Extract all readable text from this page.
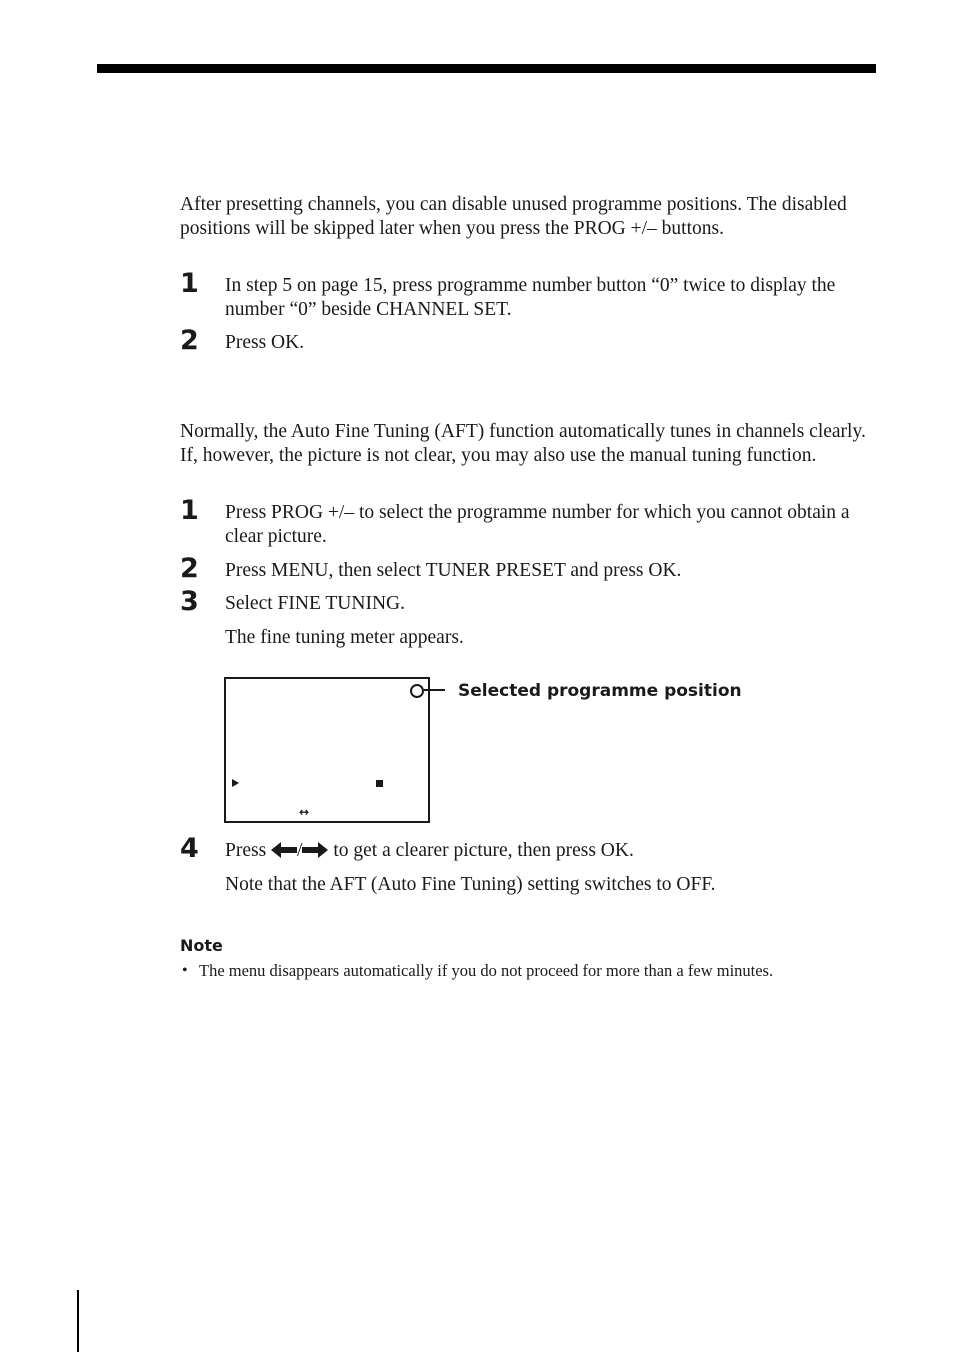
After presetting channels, you can disable unused programme positions. The disabled positions will be skipped later when you press the PROG +/– buttons.

1 In step 5 on page 15, press programme number button “0” twice to display the number “0” beside CHANNEL SET.

2 Press OK.

Normally, the Auto Fine Tuning (AFT) function automatically tunes in channels clearly. If, however, the picture is not clear, you may also use the manual tuning function.

1 Press PROG +/– to select the programme number for which you cannot obtain a clear picture.

2 Press MENU, then select TUNER PRESET and press OK.

3 Select FINE TUNING.

The fine tuning meter appears.

Selected programme position
↔
4 Press / to get a clearer picture, then press OK.

Note that the AFT (Auto Fine Tuning) setting switches to OFF.

Note
• The menu disappears automatically if you do not proceed for more than a few minutes.
